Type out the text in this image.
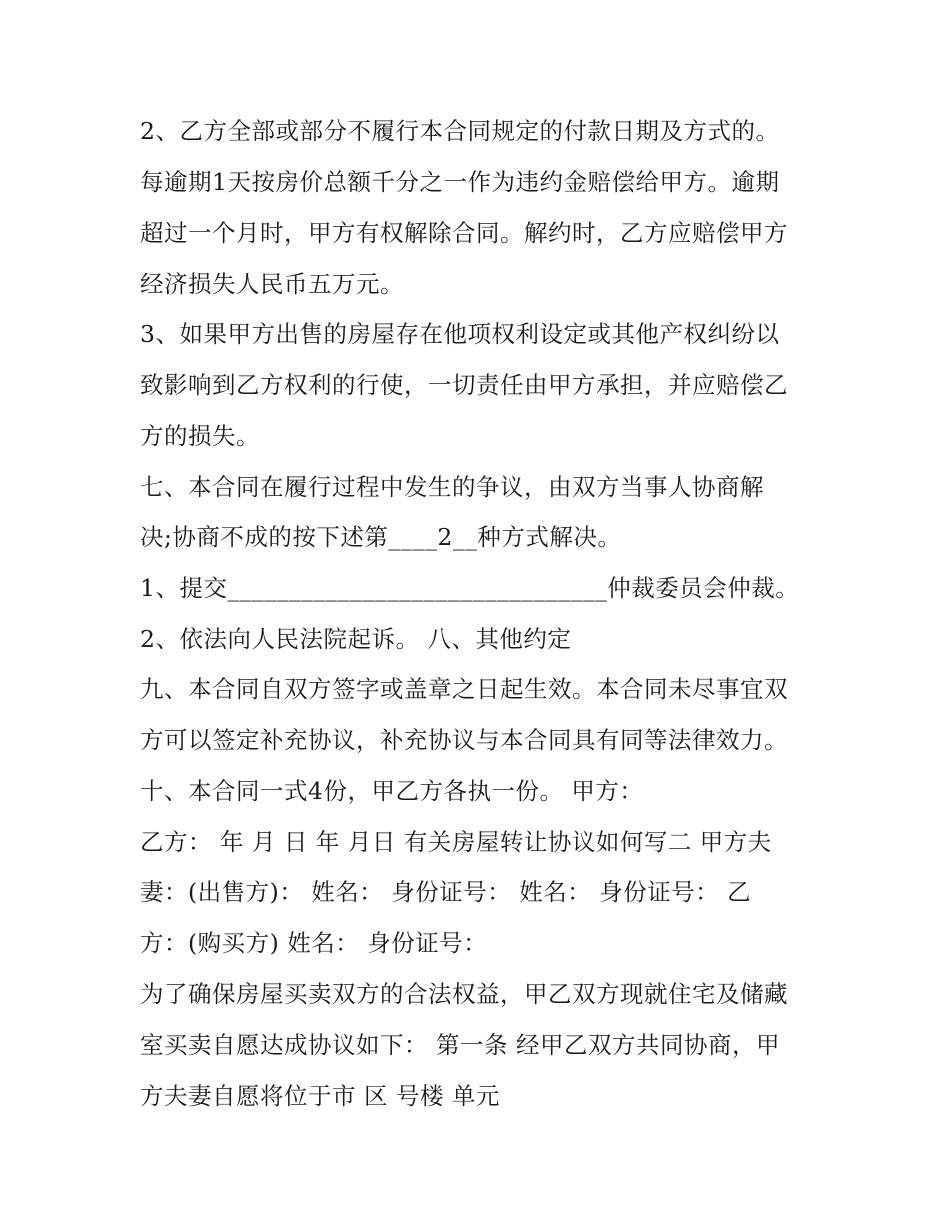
2、乙方全部或部分不履行本合同规定的付款日期及方式的。
每逾期1天按房价总额千分之一作为违约金赔偿给甲方。逾期
超过一个月时，甲方有权解除合同。解约时，乙方应赔偿甲方
经济损失人民币五万元。
3、如果甲方出售的房屋存在他项权利设定或其他产权纠纷以
致影响到乙方权利的行使，一切责任由甲方承担，并应赔偿乙
方的损失。
七、本合同在履行过程中发生的争议，由双方当事人协商解
决;协商不成的按下述第____2__种方式解决。
1、提交_______________________________仲裁委员会仲裁。
2、依法向人民法院起诉。 八、其他约定
九、本合同自双方签字或盖章之日起生效。本合同未尽事宜双
方可以签定补充协议，补充协议与本合同具有同等法律效力。
十、本合同一式4份，甲乙方各执一份。 甲方：
乙方： 年 月 日 年 月日 有关房屋转让协议如何写二 甲方夫
妻：(出售方)： 姓名： 身份证号： 姓名： 身份证号： 乙
方：(购买方) 姓名： 身份证号：
为了确保房屋买卖双方的合法权益，甲乙双方现就住宅及储藏
室买卖自愿达成协议如下： 第一条 经甲乙双方共同协商，甲
方夫妻自愿将位于市 区 号楼 单元
